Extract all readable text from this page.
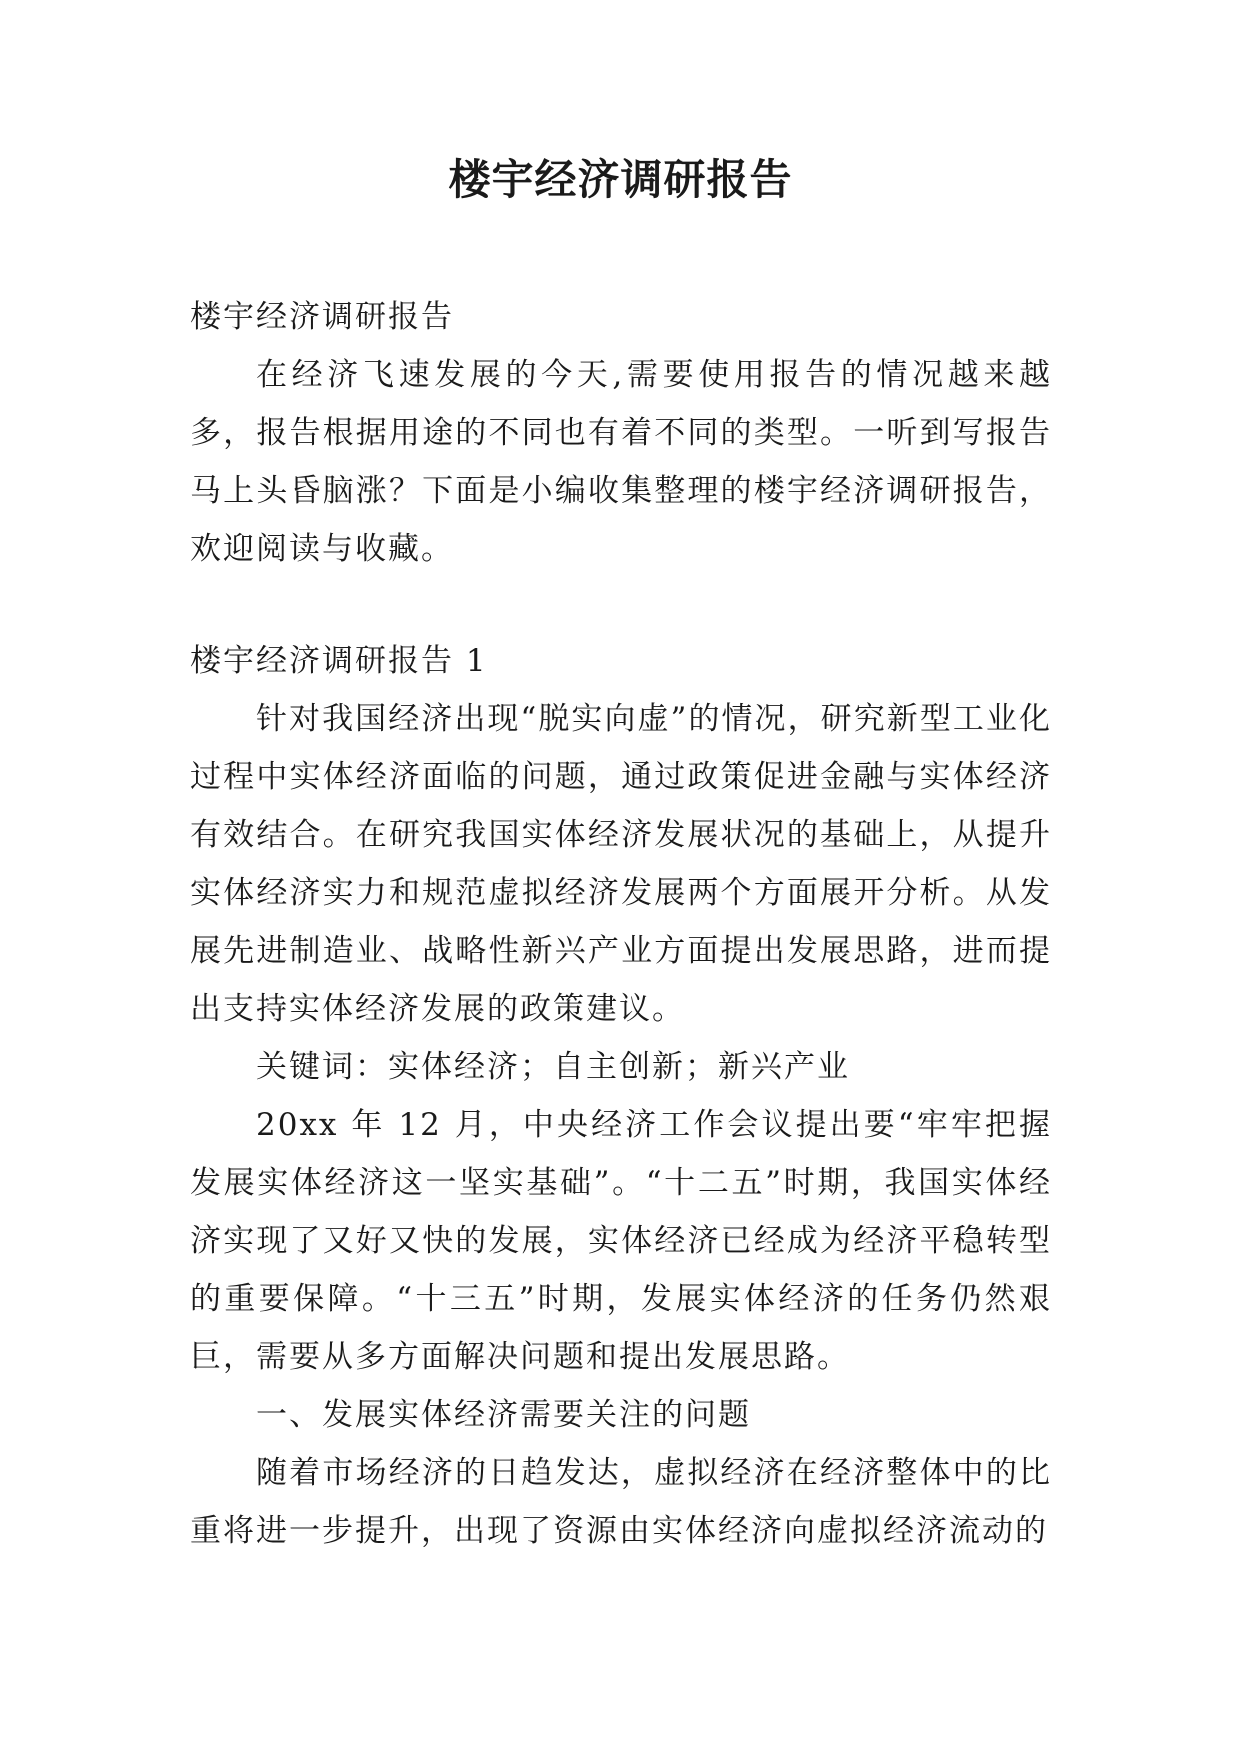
楼宇经济调研报告

楼宇经济调研报告

在经济飞速发展的今天,需要使用报告的情况越来越多，报告根据用途的不同也有着不同的类型。一听到写报告马上头昏脑涨？下面是小编收集整理的楼宇经济调研报告，欢迎阅读与收藏。

楼宇经济调研报告 1

针对我国经济出现“脱实向虚”的情况，研究新型工业化过程中实体经济面临的问题，通过政策促进金融与实体经济有效结合。在研究我国实体经济发展状况的基础上，从提升实体经济实力和规范虚拟经济发展两个方面展开分析。从发展先进制造业、战略性新兴产业方面提出发展思路，进而提出支持实体经济发展的政策建议。

关键词：实体经济；自主创新；新兴产业

20xx 年 12 月，中央经济工作会议提出要“牢牢把握发展实体经济这一坚实基础”。“十二五”时期，我国实体经济实现了又好又快的发展，实体经济已经成为经济平稳转型的重要保障。“十三五”时期，发展实体经济的任务仍然艰巨，需要从多方面解决问题和提出发展思路。

一、发展实体经济需要关注的问题

随着市场经济的日趋发达，虚拟经济在经济整体中的比重将进一步提升，出现了资源由实体经济向虚拟经济流动的
